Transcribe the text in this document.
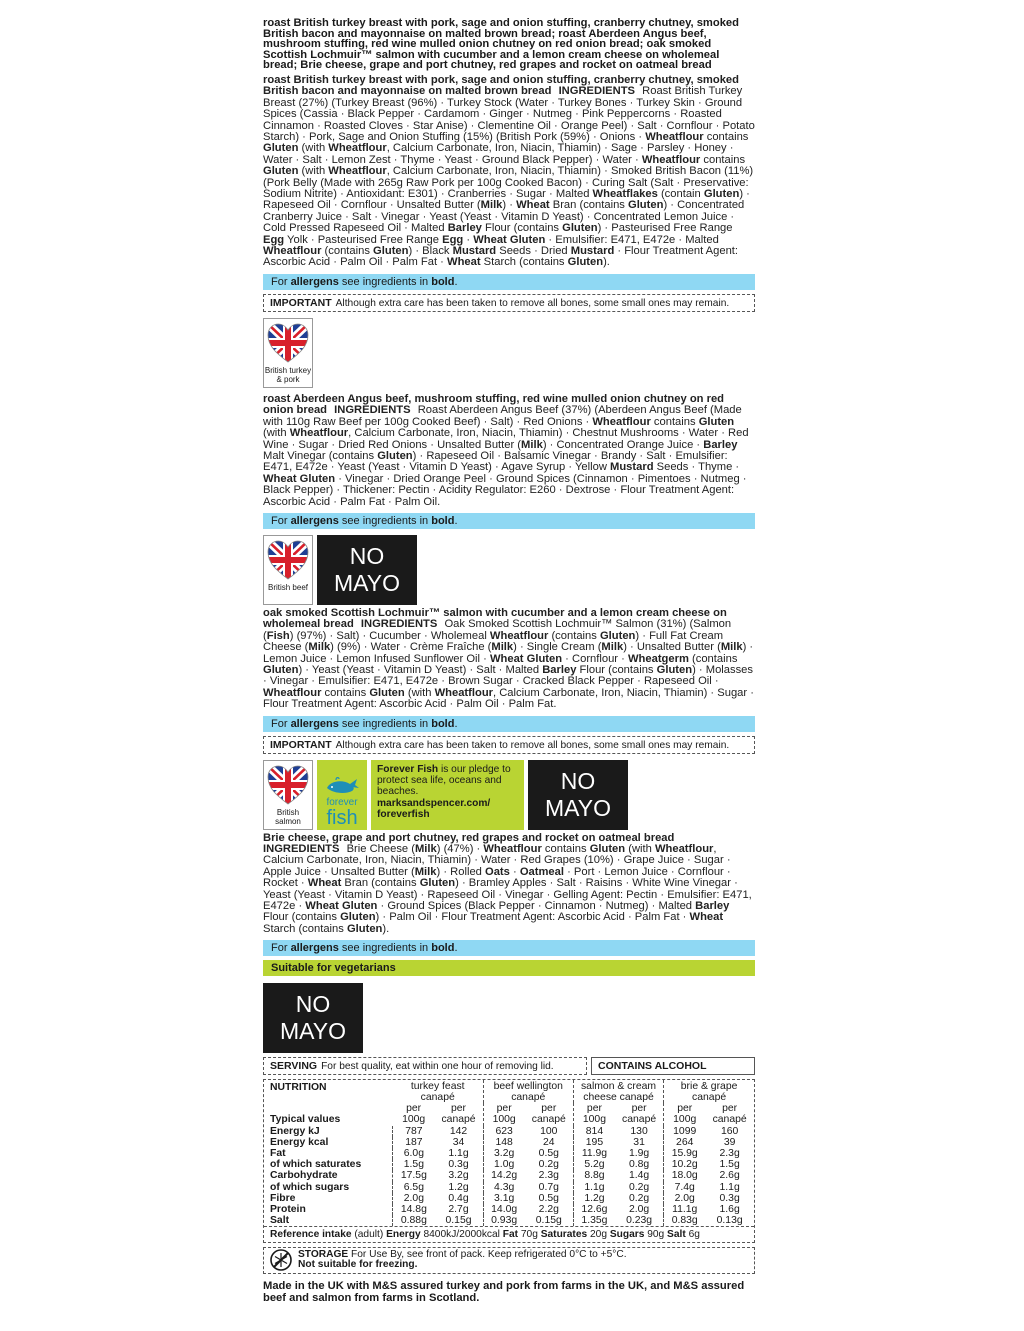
roast British turkey breast with pork, sage and onion stuffing, cranberry chutney, smoked British bacon and mayonnaise on malted brown bread; roast Aberdeen Angus beef, mushroom stuffing, red wine mulled onion chutney on red onion bread; oak smoked Scottish Lochmuir™ salmon with cucumber and a lemon cream cheese on wholemeal bread; Brie cheese, grape and port chutney, red grapes and rocket on oatmeal bread
roast British turkey breast with pork, sage and onion stuffing, cranberry chutney, smoked British bacon and mayonnaise on malted brown bread INGREDIENTS Roast British Turkey Breast (27%) (Turkey Breast (96%) · Turkey Stock (Water · Turkey Bones · Turkey Skin · Ground Spices (Cassia · Black Pepper · Cardamom · Ginger · Nutmeg · Pink Peppercorns · Roasted Cinnamon · Roasted Cloves · Star Anise) · Clementine Oil · Orange Peel) · Salt · Cornflour · Potato Starch) · Pork, Sage and Onion Stuffing (15%) (British Pork (59%) · Onions · Wheatflour contains Gluten (with Wheatflour, Calcium Carbonate, Iron, Niacin, Thiamin) · Sage · Parsley · Honey · Water · Salt · Lemon Zest · Thyme · Yeast · Ground Black Pepper) · Water · Wheatflour contains Gluten (with Wheatflour, Calcium Carbonate, Iron, Niacin, Thiamin) · Smoked British Bacon (11%) (Pork Belly (Made with 265g Raw Pork per 100g Cooked Bacon) · Curing Salt (Salt · Preservative: Sodium Nitrite) · Antioxidant: E301) · Cranberries · Sugar · Malted Wheatflakes (contain Gluten) · Rapeseed Oil · Cornflour · Unsalted Butter (Milk) · Wheat Bran (contains Gluten) · Concentrated Cranberry Juice · Salt · Vinegar · Yeast (Yeast · Vitamin D Yeast) · Concentrated Lemon Juice · Cold Pressed Rapeseed Oil · Malted Barley Flour (contains Gluten) · Pasteurised Free Range Egg Yolk · Pasteurised Free Range Egg · Wheat Gluten · Emulsifier: E471, E472e · Malted Wheatflour (contains Gluten) · Black Mustard Seeds · Dried Mustard · Flour Treatment Agent: Ascorbic Acid · Palm Oil · Palm Fat · Wheat Starch (contains Gluten).
For allergens see ingredients in bold.
IMPORTANT Although extra care has been taken to remove all bones, some small ones may remain.
British turkey & pork
roast Aberdeen Angus beef, mushroom stuffing, red wine mulled onion chutney on red onion bread INGREDIENTS Roast Aberdeen Angus Beef (37%) (Aberdeen Angus Beef (Made with 110g Raw Beef per 100g Cooked Beef) · Salt) · Red Onions · Wheatflour contains Gluten (with Wheatflour, Calcium Carbonate, Iron, Niacin, Thiamin) · Chestnut Mushrooms · Water · Red Wine · Sugar · Dried Red Onions · Unsalted Butter (Milk) · Concentrated Orange Juice · Barley Malt Vinegar (contains Gluten) · Rapeseed Oil · Balsamic Vinegar · Brandy · Salt · Emulsifier: E471, E472e · Yeast (Yeast · Vitamin D Yeast) · Agave Syrup · Yellow Mustard Seeds · Thyme · Wheat Gluten · Vinegar · Dried Orange Peel · Ground Spices (Cinnamon · Pimentoes · Nutmeg · Black Pepper) · Thickener: Pectin · Acidity Regulator: E260 · Dextrose · Flour Treatment Agent: Ascorbic Acid · Palm Fat · Palm Oil.
For allergens see ingredients in bold.
British beef
NO
MAYO
oak smoked Scottish Lochmuir™ salmon with cucumber and a lemon cream cheese on wholemeal bread INGREDIENTS Oak Smoked Scottish Lochmuir™ Salmon (31%) (Salmon (Fish) (97%) · Salt) · Cucumber · Wholemeal Wheatflour (contains Gluten) · Full Fat Cream Cheese (Milk) (9%) · Water · Crème Fraîche (Milk) · Single Cream (Milk) · Unsalted Butter (Milk) · Lemon Juice · Lemon Infused Sunflower Oil · Wheat Gluten · Cornflour · Wheatgerm (contains Gluten) · Yeast (Yeast · Vitamin D Yeast) · Salt · Malted Barley Flour (contains Gluten) · Molasses · Vinegar · Emulsifier: E471, E472e · Brown Sugar · Cracked Black Pepper · Rapeseed Oil · Wheatflour contains Gluten (with Wheatflour, Calcium Carbonate, Iron, Niacin, Thiamin) · Sugar · Flour Treatment Agent: Ascorbic Acid · Palm Oil · Palm Fat.
For allergens see ingredients in bold.
IMPORTANT Although extra care has been taken to remove all bones, some small ones may remain.
British salmon
forever
fish
Forever Fish is our pledge to protect sea life, oceans and beaches.
marksandspencer.com/ foreverfish
NO
MAYO
Brie cheese, grape and port chutney, red grapes and rocket on oatmeal bread
INGREDIENTS Brie Cheese (Milk) (47%) · Wheatflour contains Gluten (with Wheatflour, Calcium Carbonate, Iron, Niacin, Thiamin) · Water · Red Grapes (10%) · Grape Juice · Sugar · Apple Juice · Unsalted Butter (Milk) · Rolled Oats · Oatmeal · Port · Lemon Juice · Cornflour · Rocket · Wheat Bran (contains Gluten) · Bramley Apples · Salt · Raisins · White Wine Vinegar · Yeast (Yeast · Vitamin D Yeast) · Rapeseed Oil · Vinegar · Gelling Agent: Pectin · Emulsifier: E471, E472e · Wheat Gluten · Ground Spices (Black Pepper · Cinnamon · Nutmeg) · Malted Barley Flour (contains Gluten) · Palm Oil · Flour Treatment Agent: Ascorbic Acid · Palm Fat · Wheat Starch (contains Gluten).
For allergens see ingredients in bold.
Suitable for vegetarians
NO
MAYO
SERVING For best quality, eat within one hour of removing lid.	CONTAINS ALCOHOL
NUTRITION	turkey feast canapé		beef wellington canapé		salmon & cream cheese canapé		brie & grape canapé	
Typical values	per 100g	per canapé	per 100g	per canapé	per 100g	per canapé	per 100g	per canapé
Energy kJ	787	142	623	100	814	130	1099	160
Energy kcal	187	34	148	24	195	31	264	39
Fat	6.0g	1.1g	3.2g	0.5g	11.9g	1.9g	15.9g	2.3g
of which saturates	1.5g	0.3g	1.0g	0.2g	5.2g	0.8g	10.2g	1.5g
Carbohydrate	17.5g	3.2g	14.2g	2.3g	8.8g	1.4g	18.0g	2.6g
of which sugars	6.5g	1.2g	4.3g	0.7g	1.1g	0.2g	7.4g	1.1g
Fibre	2.0g	0.4g	3.1g	0.5g	1.2g	0.2g	2.0g	0.3g
Protein	14.8g	2.7g	14.0g	2.2g	12.6g	2.0g	11.1g	1.6g
Salt	0.88g	0.15g	0.93g	0.15g	1.35g	0.23g	0.83g	0.13g
Reference intake (adult) Energy 8400kJ/2000kcal Fat 70g Saturates 20g Sugars 90g Salt 6g
STORAGE For Use By, see front of pack. Keep refrigerated 0°C to +5°C.
Not suitable for freezing.
Made in the UK with M&S assured turkey and pork from farms in the UK, and M&S assured beef and salmon from farms in Scotland.
